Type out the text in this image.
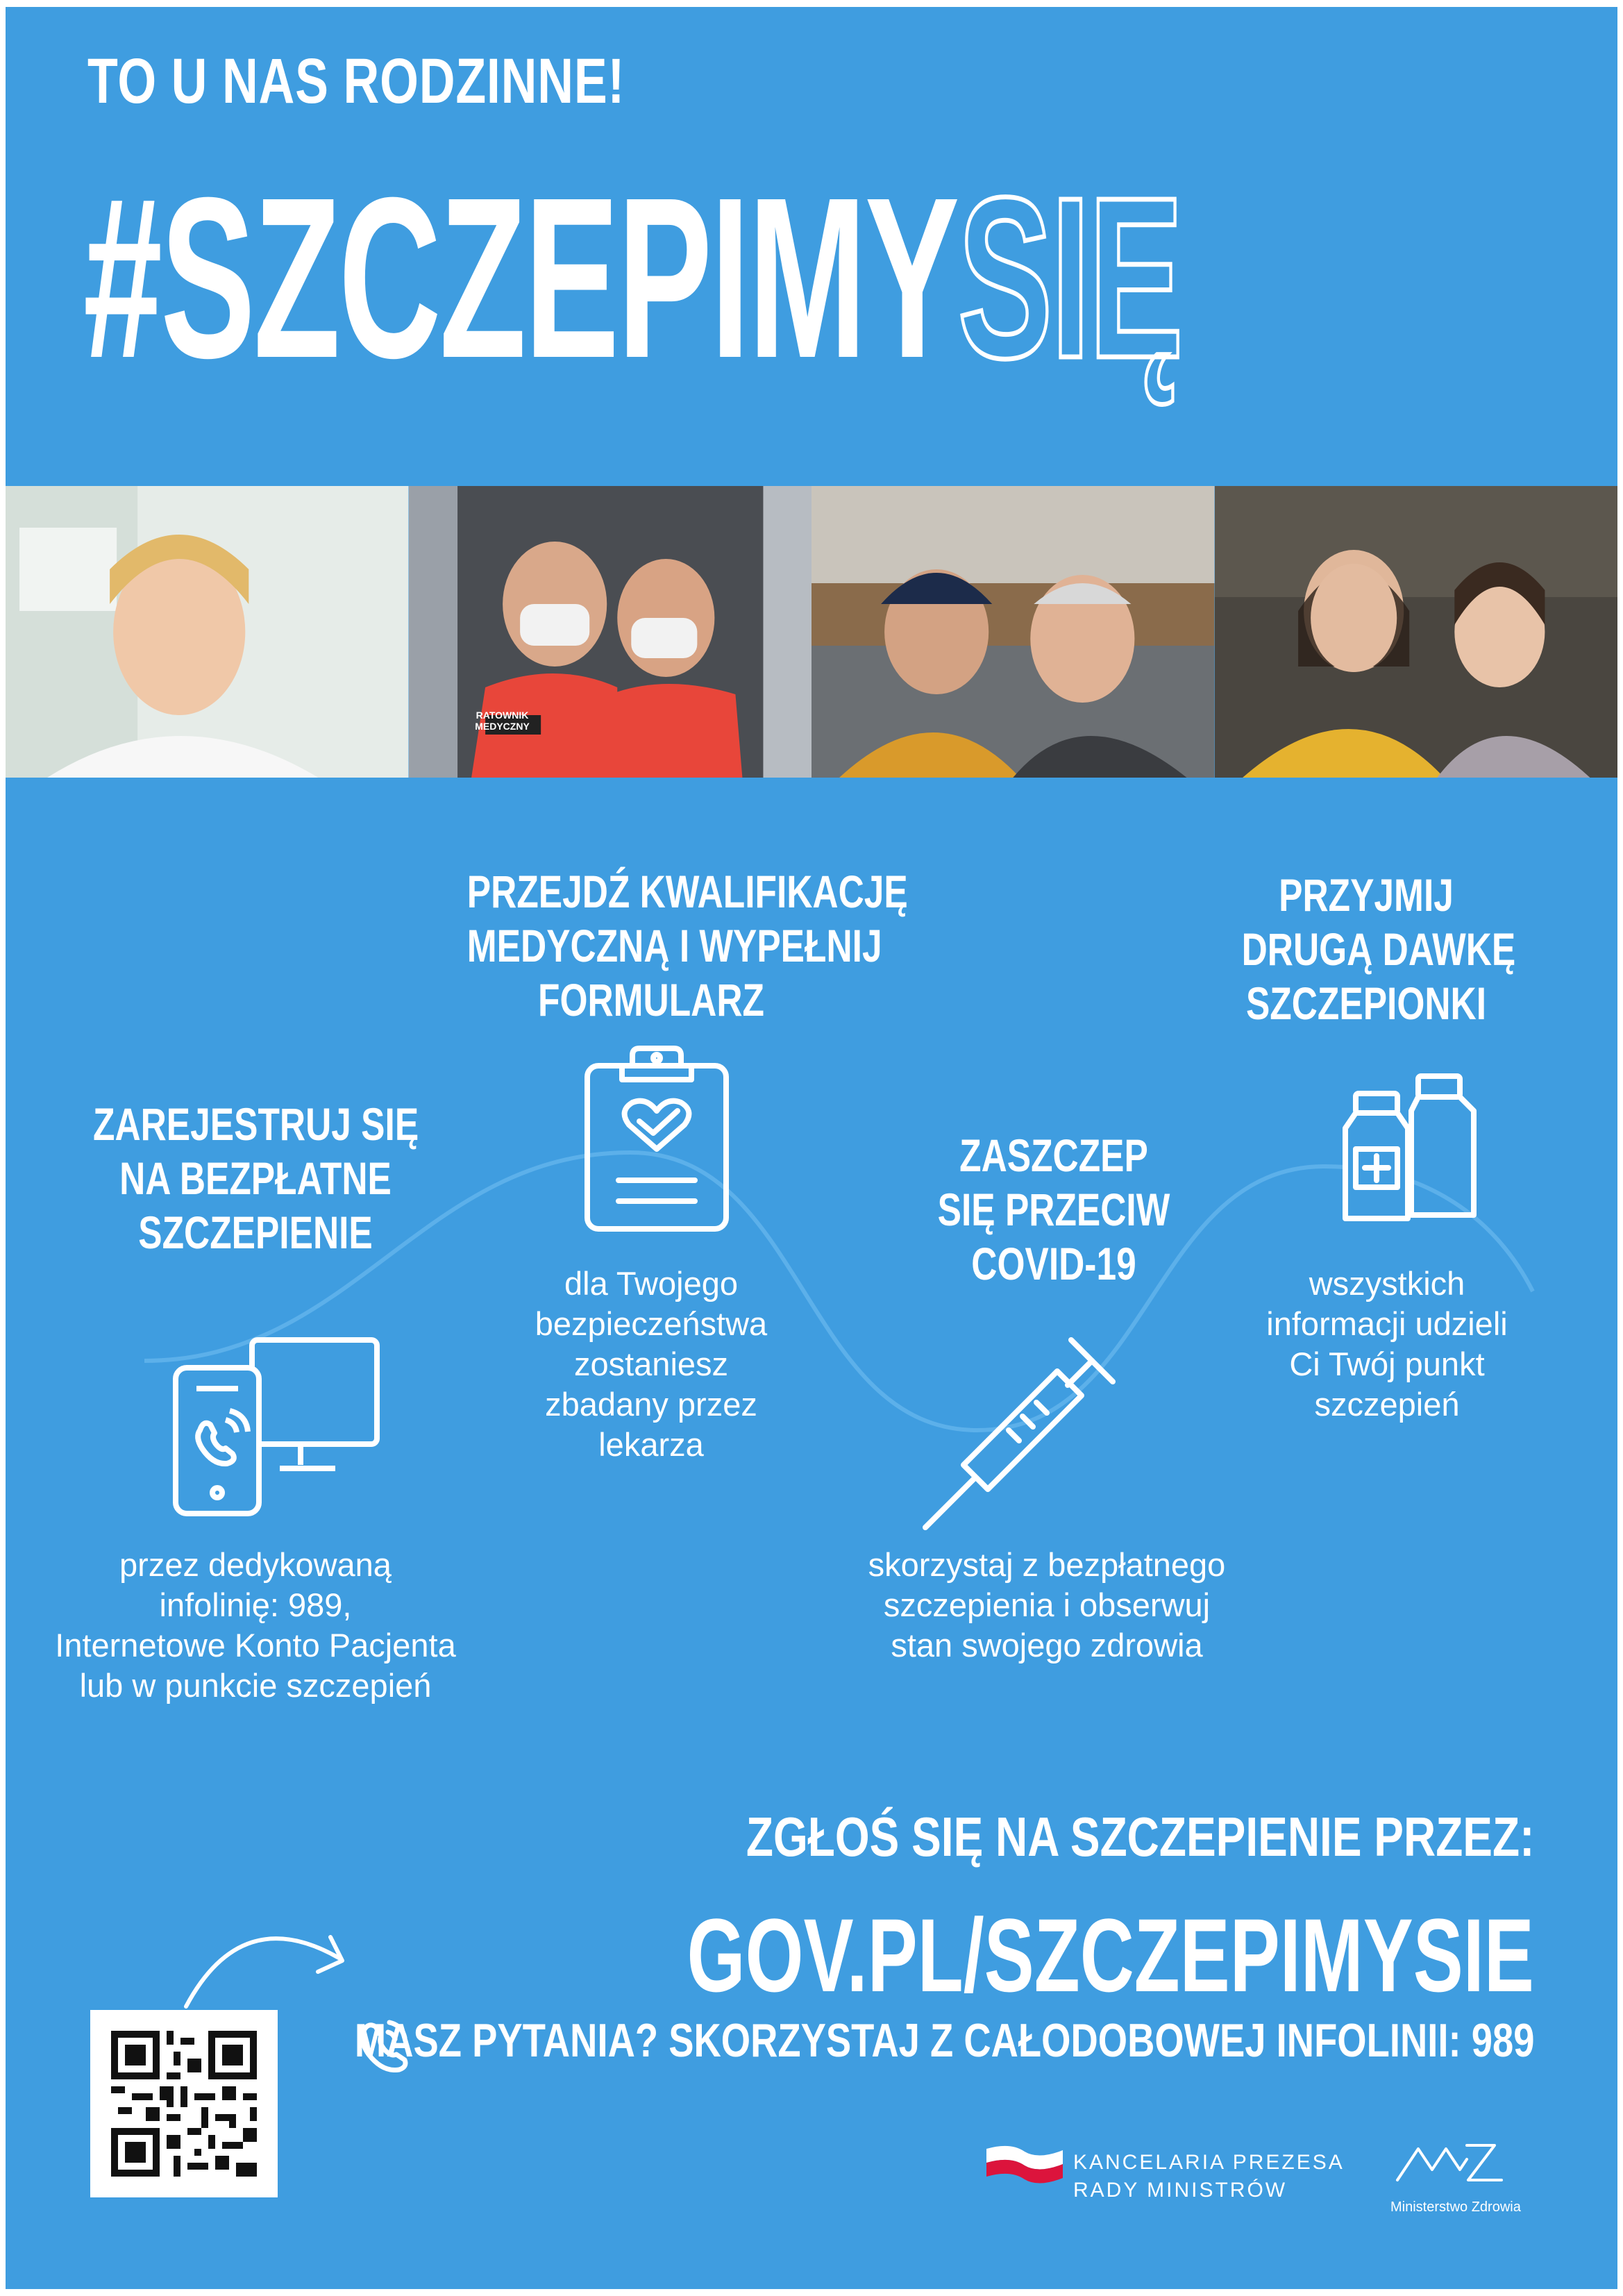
TO U NAS RODZINNE!
#SZCZEPIMYSIĘ
RATOWNIK MEDYCZNY
ZAREJESTRUJ SIĘ
NA BEZPŁATNE
SZCZEPIENIE
przez dedykowaną
infolinię: 989,
Internetowe Konto Pacjenta
lub w punkcie szczepień
PRZEJDŹ KWALIFIKACJĘ
MEDYCZNĄ I WYPEŁNIJ
FORMULARZ
dla Twojego
bezpieczeństwa
zostaniesz
zbadany przez
lekarza
ZASZCZEP
SIĘ PRZECIW
COVID-19
skorzystaj z bezpłatnego
szczepienia i obserwuj
stan swojego zdrowia
PRZYJMIJ
DRUGĄ DAWKĘ
SZCZEPIONKI
wszystkich
informacji udzieli
Ci Twój punkt
szczepień
ZGŁOŚ SIĘ NA SZCZEPIENIE PRZEZ:
GOV.PL/SZCZEPIMYSIE
MASZ PYTANIA? SKORZYSTAJ Z CAŁODOBOWEJ INFOLINII: 989
KANCELARIA PREZESA
RADY MINISTRÓW
Ministerstwo Zdrowia
